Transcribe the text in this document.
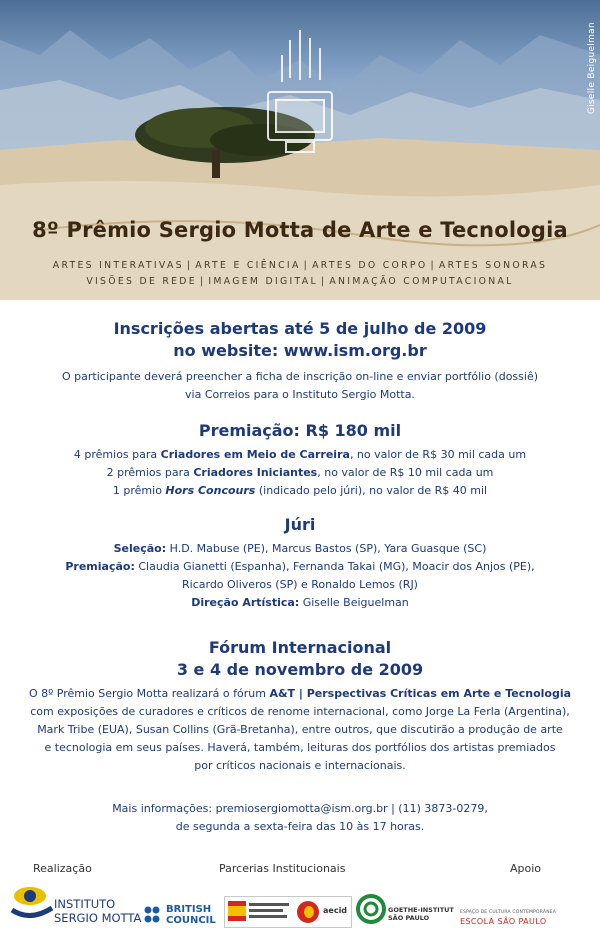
Giselle Beiguelman
8º Prêmio Sergio Motta de Arte e Tecnologia
ARTES INTERATIVAS | ARTE E CIÊNCIA | ARTES DO CORPO | ARTES SONORAS
VISÕES DE REDE | IMAGEM DIGITAL | ANIMAÇÃO COMPUTACIONAL

Inscrições abertas até 5 de julho de 2009

no website: www.ism.org.br

O participante deverá preencher a ficha de inscrição on-line e enviar portfólio (dossiê)

via Correios para o Instituto Sergio Motta.

Premiação: R$ 180 mil

4 prêmios para Criadores em Meio de Carreira, no valor de R$ 30 mil cada um

2 prêmios para Criadores Iniciantes, no valor de R$ 10 mil cada um

1 prêmio Hors Concours (indicado pelo júri), no valor de R$ 40 mil

Júri

Seleção: H.D. Mabuse (PE), Marcus Bastos (SP), Yara Guasque (SC)

Premiação: Claudia Gianetti (Espanha), Fernanda Takai (MG), Moacir dos Anjos (PE),

Ricardo Oliveros (SP) e Ronaldo Lemos (RJ)

Direção Artística: Giselle Beiguelman

Fórum Internacional

3 e 4 de novembro de 2009

O 8º Prêmio Sergio Motta realizará o fórum A&T | Perspectivas Críticas em Arte e Tecnologia

com exposições de curadores e críticos de renome internacional, como Jorge La Ferla (Argentina),

Mark Tribe (EUA), Susan Collins (Grã-Bretanha), entre outros, que discutirão a produção de arte

e tecnologia em seus países. Haverá, também, leituras dos portfólios dos artistas premiados

por críticos nacionais e internacionais.

Mais informações: premiosergiomotta@ism.org.br | (11) 3873-0279,

de segunda a sexta-feira das 10 às 17 horas.

Realização	Parcerias Institucionais	Apoio
INSTITUTO
SERGIO MOTTA
BRITISH
COUNCIL
aecid	GOETHE-INSTITUT
SÃO PAULO
ESPAÇO DE CULTURA CONTEMPORÂNEA
ESCOLA SÃO PAULO
